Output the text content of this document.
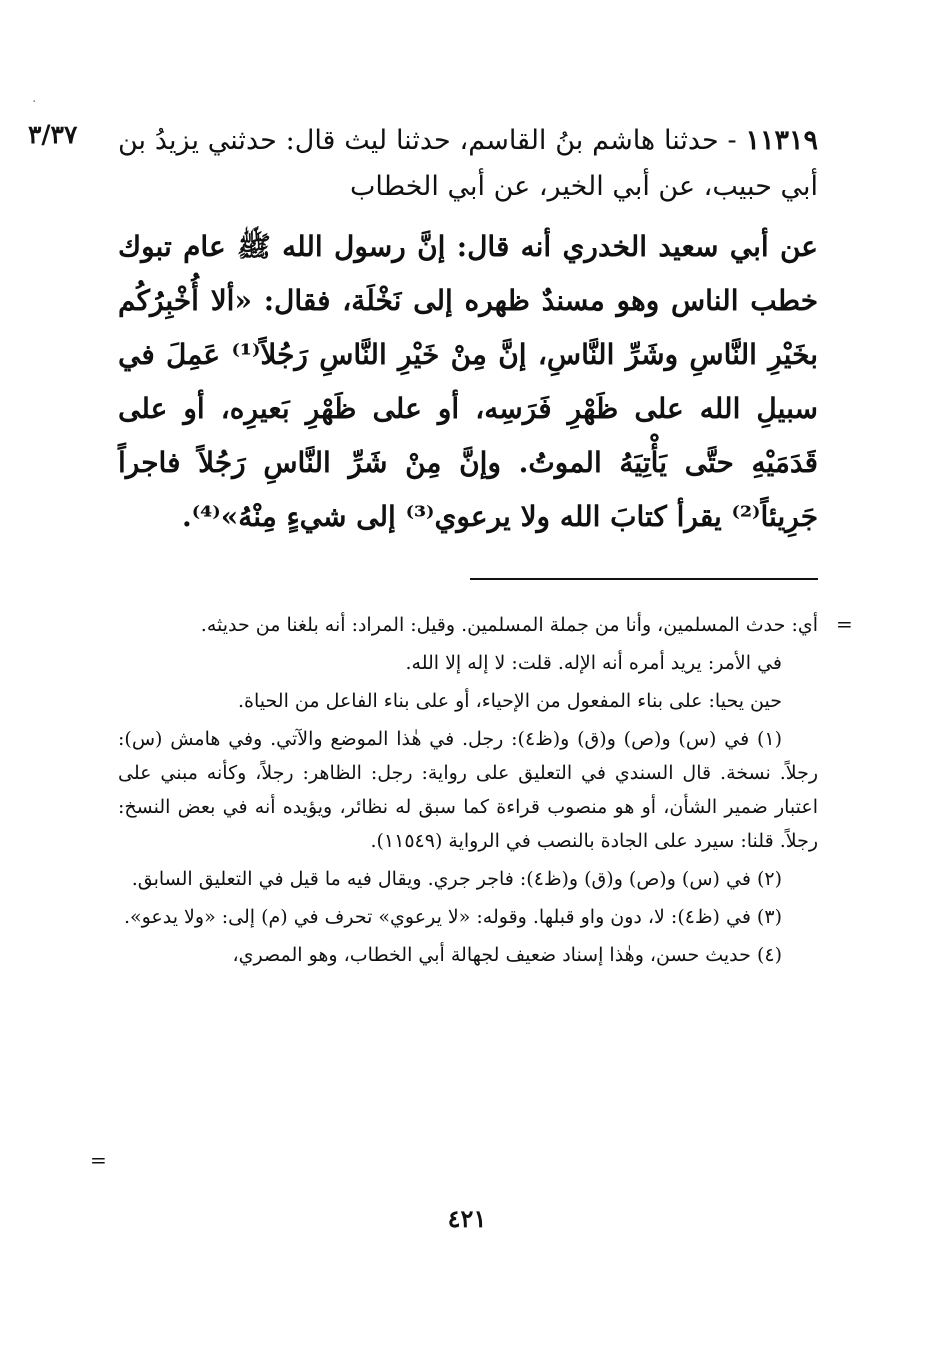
·
٣/٣٧	١١٣١٩ - حدثنا هاشم بنُ القاسم، حدثنا ليث قال: حدثني يزيدُ بن أبي حبيب، عن أبي الخير، عن أبي الخطاب

عن أبي سعيد الخدري أنه قال: إنَّ رسول الله ﷺ عام تبوك خطب الناس وهو مسندٌ ظهره إلى نَخْلَة، فقال: «ألا أُخْبِرُكُم بخَيْرِ النَّاسِ وشَرِّ النَّاسِ، إنَّ مِنْ خَيْرِ النَّاسِ رَجُلاً⁽¹⁾ عَمِلَ في سبيلِ الله على ظَهْرِ فَرَسِه، أو على ظَهْرِ بَعيرِه، أو على قَدَمَيْهِ حتَّى يَأْتِيَهُ الموتُ. وإنَّ مِنْ شَرِّ النَّاسِ رَجُلاً فاجراً جَرِيئاً⁽²⁾ يقرأ كتابَ الله ولا يرعوي⁽³⁾ إلى شيءٍ مِنْهُ»⁽⁴⁾.

=

أي: حدث المسلمين، وأنا من جملة المسلمين. وقيل: المراد: أنه بلغنا من حديثه.

في الأمر: يريد أمره أنه الإله. قلت: لا إله إلا الله.

حين يحيا: على بناء المفعول من الإحياء، أو على بناء الفاعل من الحياة.

(١) في (س) و(ص) و(ق) و(ظ٤): رجل. في هٰذا الموضع والآتي. وفي هامش (س): رجلاً. نسخة. قال السندي في التعليق على رواية: رجل: الظاهر: رجلاً، وكأنه مبني على اعتبار ضمير الشأن، أو هو منصوب قراءة كما سبق له نظائر، ويؤيده أنه في بعض النسخ: رجلاً. قلنا: سيرد على الجادة بالنصب في الرواية (١١٥٤٩).

(٢) في (س) و(ص) و(ق) و(ظ٤): فاجر جري. ويقال فيه ما قيل في التعليق السابق.

(٣) في (ظ٤): لا، دون واو قبلها. وقوله: «لا يرعوي» تحرف في (م) إلى: «ولا يدعو».

(٤) حديث حسن، وهٰذا إسناد ضعيف لجهالة أبي الخطاب، وهو المصري،

=
٤٢١
